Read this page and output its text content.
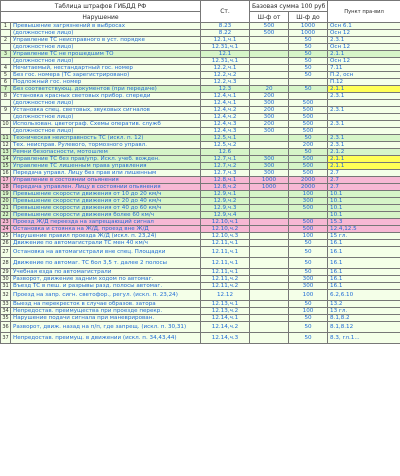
Таблица штрафов ГИБДД РФ		Ст.	Базовая сумма 100 руб		Пункт пра-вил
Нарушение			Ш-ф от	Ш-ф до	
1	Превышение загрязнений в выбросах	8.23	500	1000	Осн 6.1
	(должностное лицо)	8.22	500	1000	Осн 12
2	Управление ТС неисправного в уст. порядке	12.1,ч.1		50	2.3.1
	(должностное лицо)	12.31,ч.1		50	Осн 12
3	Управление ТС не прошедшим ТО	12.1		50	2.1.1
	(должностное лицо)	12.31,ч.1		50	Осн 12
4	Нечитаемый, нестандартный гос. номер	12.2,ч.1		50	7.11
5	Без гос. номера (ТС зарегистрировано)	12.2,ч.2		50	П.2, осн
6	Подложный гос. номер	12.2,ч.3			П.12
7	Без соответствующ. документов (при передаче)	12.3	20	50	2.1.1
8	Установка красных световых прибор. спереди	12.4,ч.1	200		2.3.1
	(должностное лицо)	12.4,ч.1	300	500	
9	Установка спец. световых, звуковых сигналов	12.4,ч.2	200	500	2.3.1
	(должностное лицо)	12.4,ч.2	300	500	
10	Использован. цветограф. Схемы оператив. служб	12.4,ч.3	200	500	2.3.1
	(должностное лицо)	12.4,ч.3	300	500	
11	Техническая неисправность ТС (искл. п. 12)	12.5,ч.1		50	2.3.1
12	Тех. неисправ. Рулевого, тормозного управл.	12.5,ч.2		200	2.3.1
13	Ремни безопасности, мотошлем	12.6		50	2.1.2
14	Управление ТС без прав/упр. Искл. учеб. вожден.	12.7,ч.1	300	500	2.1.1
15	Управление ТС лишенным права управления	12.7,ч.2	300	500	2.1.1
16	Передача управл. Лицу без прав или лишенным	12.7,ч.3	300	500	2.7
17	Управление в состоянии опьянения	12.8,ч.1	1000	2000	2.7
18	Передача управлен. Лицу в состоянии опьянения	12.8,ч.2	1000	2000	2.7
19	Превышение скорости движения от 10 до 20 км/ч	12.9,ч.1		100	10.1
20	Превышение скорости движения от 20 до 40 км/ч	12.9,ч.2		300	10.1
21	Превышение скорости движения от 40 до 60 км/ч	12.9,ч.3		500	10.1
22	Превышение скорости движения более 60 км/ч	12.9,ч.4			10.1
23	Проезд Ж/Д переезда на запрещающий сигнал	12.10,ч.1		500	15.3
24	Остановка и стоянка на Ж/Д, проезд вне Ж/Д	12.10,ч.2		500	12.4,12.5
25	Нарушение правил проезда Ж/Д (искл. п. 23,24)	12.10,ч.3		100	15 гл.
26	Движение по автомагистрали ТС мен 40 км/ч	12.11,ч.1		50	16.1
27	Остановка на автомагистрали вне спец. Площадки	12.11,ч.1		50	16.1
28	Движение по автомаг. ТС бол 3,5 т. далее 2 полосы	12.11,ч.1		50	16.1
29	Учебная езда по автомагистрали	12.11,ч.1		50	16.1
30	Разворот, движение задним ходом по автомаг.	12.11,ч.2		300	16.1
31	Въезд ТС в пеш. и разрывы разд. полосы автомаг.	12.11,ч.2		300	16.1
32	Проезд на запр. сигн. светофор., регул. (искл. п. 23,24)	12.12		100	6.2,6.10
33	Выезд на перекресток в случае образов. затора	12.13,ч.1		50	13.2
34	Непредостав. преимущества при проезде перекр.	12.13,ч.2		100	13 гл.
35	Нарушение подачи сигнала при маневрирован.	12.14,ч.1		50	8.1,8.2
36	Разворот, движ. назад на п/п, где запрещ. (искл. п. 30,31)	12.14,ч.2		50	8.1,8.12
37	Непредостав. преимущ. в движении (искл. п. 34,43,44)	12.14,ч.3		50	8.3, гл.1...
